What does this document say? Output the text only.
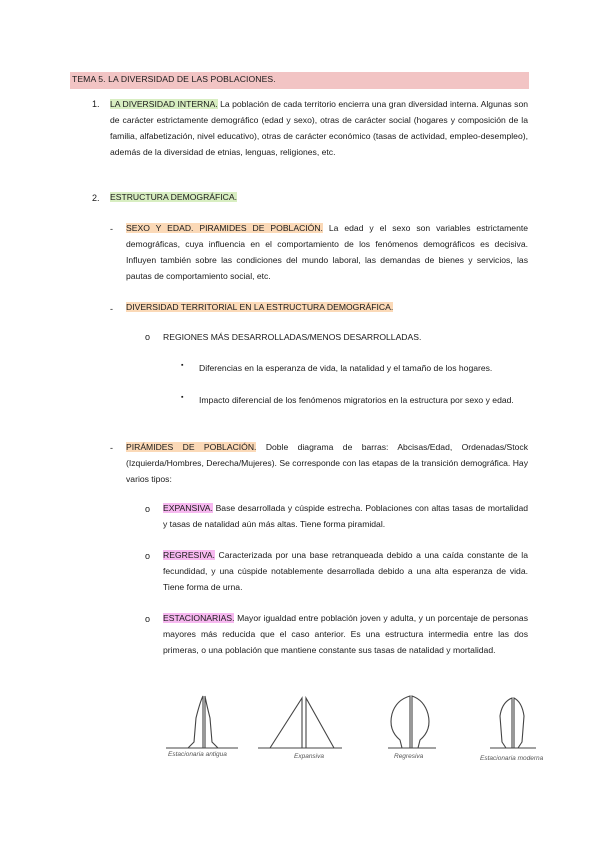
TEMA 5. LA DIVERSIDAD DE LAS POBLACIONES.
1. LA DIVERSIDAD INTERNA. La población de cada territorio encierra una gran diversidad interna. Algunas son de carácter estrictamente demográfico (edad y sexo), otras de carácter social (hogares y composición de la familia, alfabetización, nivel educativo), otras de carácter económico (tasas de actividad, empleo-desempleo), además de la diversidad de etnias, lenguas, religiones, etc.
2. ESTRUCTURA DEMOGRÁFICA.
- SEXO Y EDAD. PIRAMIDES DE POBLACIÓN. La edad y el sexo son variables estrictamente demográficas, cuya influencia en el comportamiento de los fenómenos demográficos es decisiva. Influyen también sobre las condiciones del mundo laboral, las demandas de bienes y servicios, las pautas de comportamiento social, etc.
- DIVERSIDAD TERRITORIAL EN LA ESTRUCTURA DEMOGRÁFICA.
o REGIONES MÁS DESARROLLADAS/MENOS DESARROLLADAS.
▪ Diferencias en la esperanza de vida, la natalidad y el tamaño de los hogares.
▪ Impacto diferencial de los fenómenos migratorios en la estructura por sexo y edad.
- PIRÁMIDES DE POBLACIÓN. Doble diagrama de barras: Abcisas/Edad, Ordenadas/Stock (Izquierda/Hombres, Derecha/Mujeres). Se corresponde con las etapas de la transición demográfica. Hay varios tipos:
o EXPANSIVA. Base desarrollada y cúspide estrecha. Poblaciones con altas tasas de mortalidad y tasas de natalidad aún más altas. Tiene forma piramidal.
o REGRESIVA. Caracterizada por una base retranqueada debido a una caída constante de la fecundidad, y una cúspide notablemente desarrollada debido a una alta esperanza de vida. Tiene forma de urna.
o ESTACIONARIAS. Mayor igualdad entre población joven y adulta, y un porcentaje de personas mayores más reducida que el caso anterior. Es una estructura intermedia entre las dos primeras, o una población que mantiene constante sus tasas de natalidad y mortalidad.
Estacionaria antigua	Expansiva	Regresiva	Estacionaria moderna
